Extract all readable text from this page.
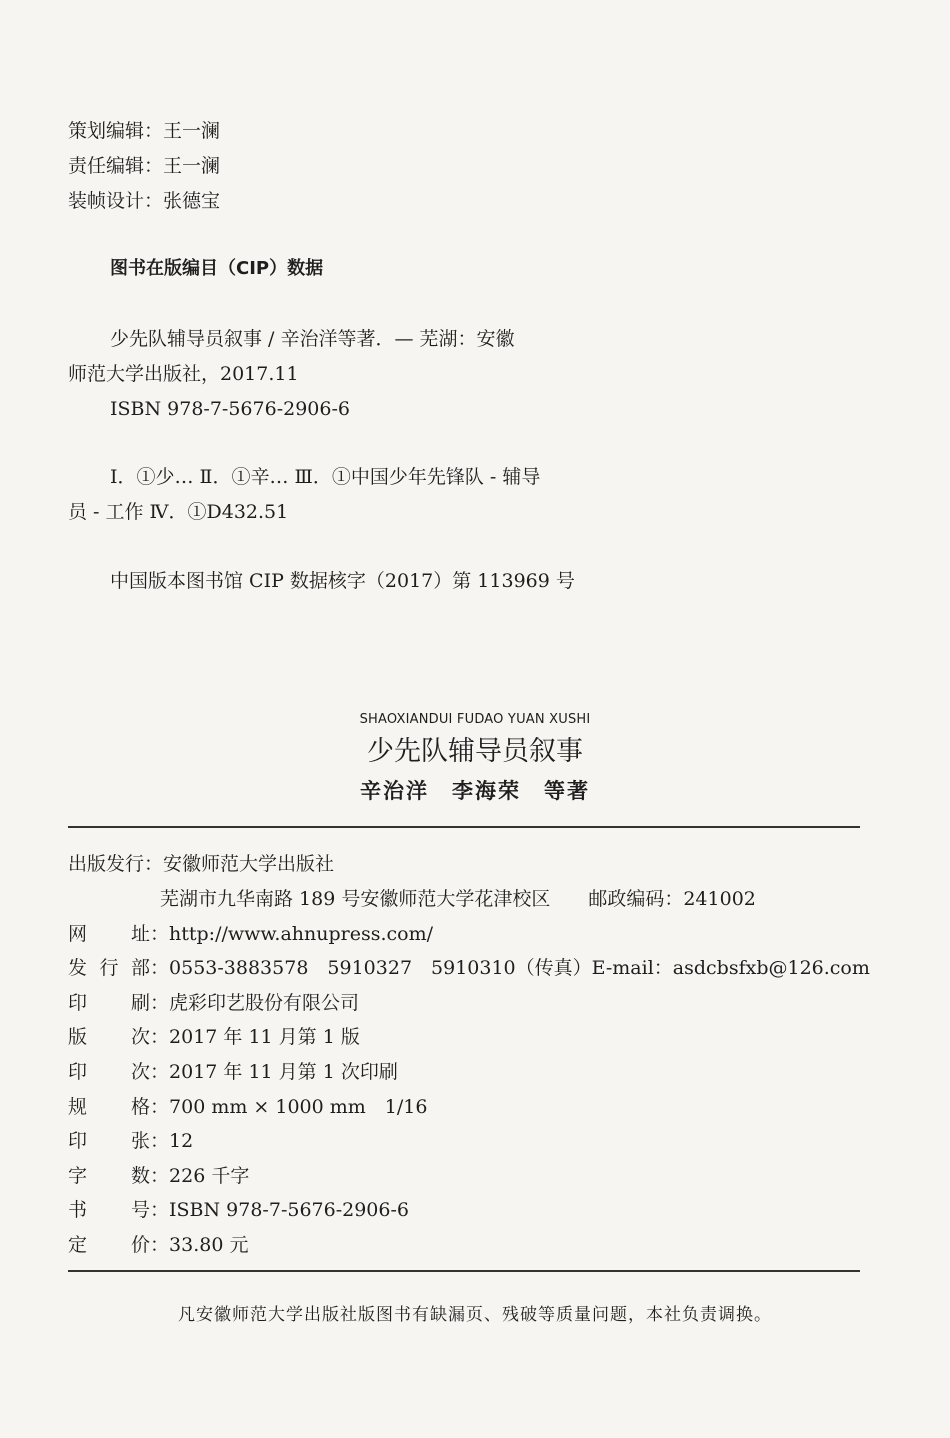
策划编辑：王一澜
责任编辑：王一澜
装帧设计：张德宝
图书在版编目（CIP）数据
少先队辅导员叙事 / 辛治洋等著．— 芜湖：安徽
师范大学出版社，2017.11
ISBN 978-7-5676-2906-6
Ⅰ．①少… Ⅱ．①辛… Ⅲ．①中国少年先锋队 - 辅导
员 - 工作 Ⅳ．①D432.51
中国版本图书馆 CIP 数据核字（2017）第 113969 号
SHAOXIANDUI FUDAO YUAN XUSHI
少先队辅导员叙事
辛治洋　李海荣　等著
出版发行：安徽师范大学出版社
芜湖市九华南路 189 号安徽师范大学花津校区　　邮政编码：241002
网址：http://www.ahnupress.com/
发行部：0553-3883578　5910327　5910310（传真）E-mail：asdcbsfxb@126.com
印刷：虎彩印艺股份有限公司
版次：2017 年 11 月第 1 版
印次：2017 年 11 月第 1 次印刷
规格：700 mm × 1000 mm　1/16
印张：12
字数：226 千字
书号：ISBN 978-7-5676-2906-6
定价：33.80 元
凡安徽师范大学出版社版图书有缺漏页、残破等质量问题，本社负责调换。
